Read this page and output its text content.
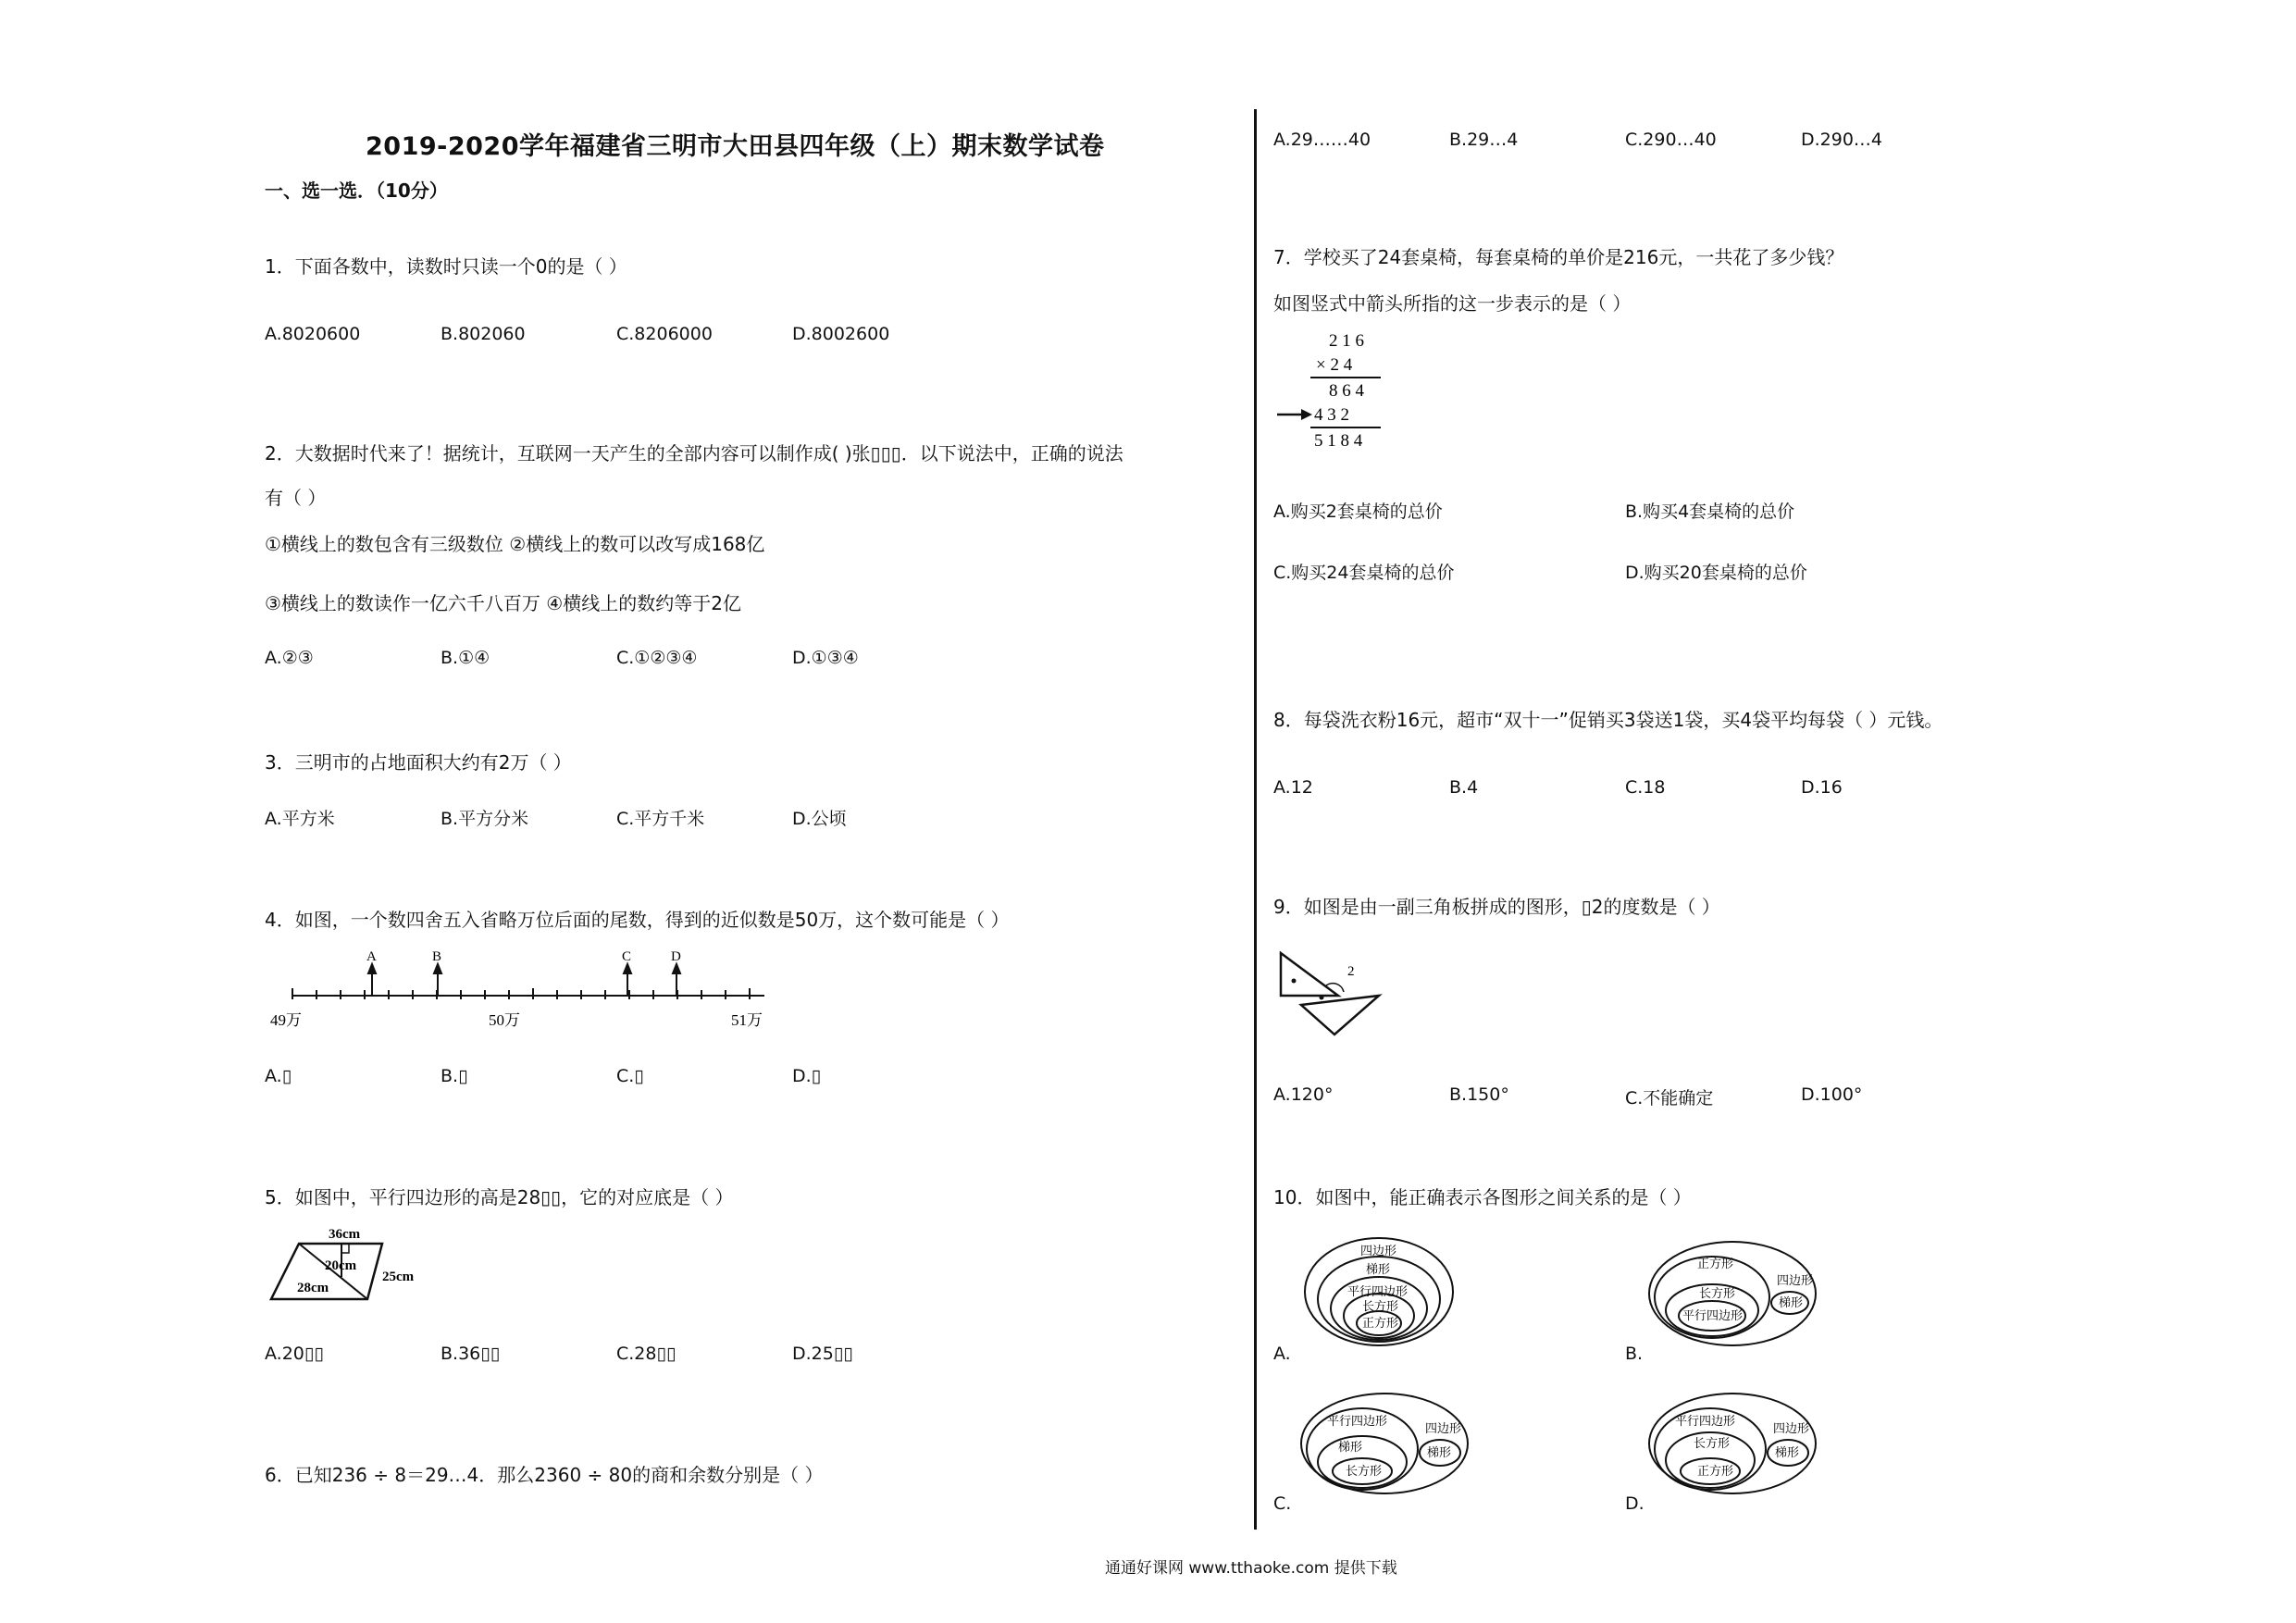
2019-2020学年福建省三明市大田县四年级（上）期末数学试卷
一、选一选．（10分）
1．下面各数中，读数时只读一个0的是（ ）
A.8020600	B.802060	C.8206000	D.8002600
2．大数据时代来了！据统计，互联网一天产生的全部内容可以制作成( )张▯▯▯．以下说法中，正确的说法
有（ ）
①横线上的数包含有三级数位 ②横线上的数可以改写成168亿
③横线上的数读作一亿六千八百万 ④横线上的数约等于2亿
A.②③	B.①④	C.①②③④	D.①③④
3．三明市的占地面积大约有2万（ ）
A.平方米	B.平方分米	C.平方千米	D.公顷
4．如图，一个数四舍五入省略万位后面的尾数，得到的近似数是50万，这个数可能是（ ）
A	B	C	D
49万	50万	51万
A.▯	B.▯	C.▯	D.▯
5．如图中，平行四边形的高是28▯▯，它的对应底是（ ）
36cm
20cm
28cm
25cm
A.20▯▯	B.36▯▯	C.28▯▯	D.25▯▯
6．已知236 ÷ 8＝29…4．那么2360 ÷ 80的商和余数分别是（ ）
A.29……40	B.29…4	C.290…40	D.290…4
7．学校买了24套桌椅，每套桌椅的单价是216元，一共花了多少钱？
如图竖式中箭头所指的这一步表示的是（ ）
2 1 6
× 2 4
8 6 4
4 3 2
5 1 8 4
A.购买2套桌椅的总价	B.购买4套桌椅的总价
C.购买24套桌椅的总价	D.购买20套桌椅的总价
8．每袋洗衣粉16元，超市“双十一”促销买3袋送1袋，买4袋平均每袋（ ）元钱。
A.12	B.4	C.18	D.16
9．如图是由一副三角板拼成的图形，▯2的度数是（ ）
2
A.120°	B.150°	C.不能确定	D.100°
10．如图中，能正确表示各图形之间关系的是（ ）
四边形
梯形
平行四边形
长方形
正方形
A.
正方形
长方形
平行四边形
四边形
梯形
B.
平行四边形
梯形
长方形
四边形
梯形
C.
平行四边形
长方形
正方形
四边形
梯形
D.
通通好课网 www.tthaoke.com 提供下载
